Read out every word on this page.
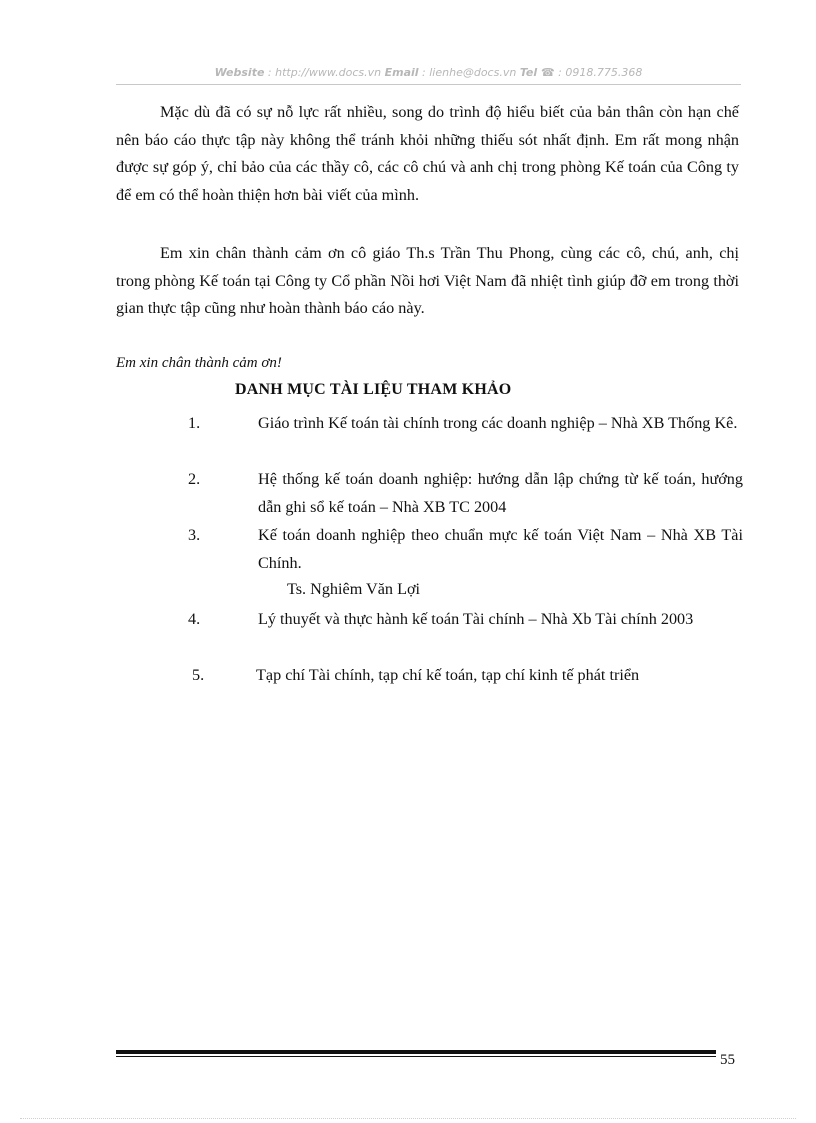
Website : http://www.docs.vn Email : lienhe@docs.vn Tel ☎ : 0918.775.368
Mặc dù đã có sự nỗ lực rất nhiều, song do trình độ hiểu biết của bản thân còn hạn chế nên báo cáo thực tập này không thể tránh khỏi những thiếu sót nhất định. Em rất mong nhận được sự góp ý, chỉ bảo của các thầy cô, các cô chú và anh chị trong phòng Kế toán của Công ty để em có thể hoàn thiện hơn bài viết của mình.
Em xin chân thành cảm ơn cô giáo Th.s Trần Thu Phong, cùng các cô, chú, anh, chị trong phòng Kế toán tại Công ty Cổ phần Nồi hơi Việt Nam đã nhiệt tình giúp đỡ em trong thời gian thực tập cũng như hoàn thành báo cáo này.
Em xin chân thành cảm ơn!
DANH MỤC TÀI LIỆU THAM KHẢO
1.	Giáo trình Kế toán tài chính trong các doanh nghiệp – Nhà XB Thống Kê.
2.	Hệ thống kế toán doanh nghiệp: hướng dẫn lập chứng từ kế toán, hướng dẫn ghi sổ kế toán – Nhà XB TC 2004
3.	Kế toán doanh nghiệp theo chuẩn mực kế toán Việt Nam – Nhà XB Tài Chính.
Ts. Nghiêm Văn Lợi
4.	Lý thuyết và thực hành kế toán Tài chính – Nhà Xb Tài chính 2003
5.	Tạp chí Tài chính, tạp chí kế toán, tạp chí kinh tế phát triển
55
